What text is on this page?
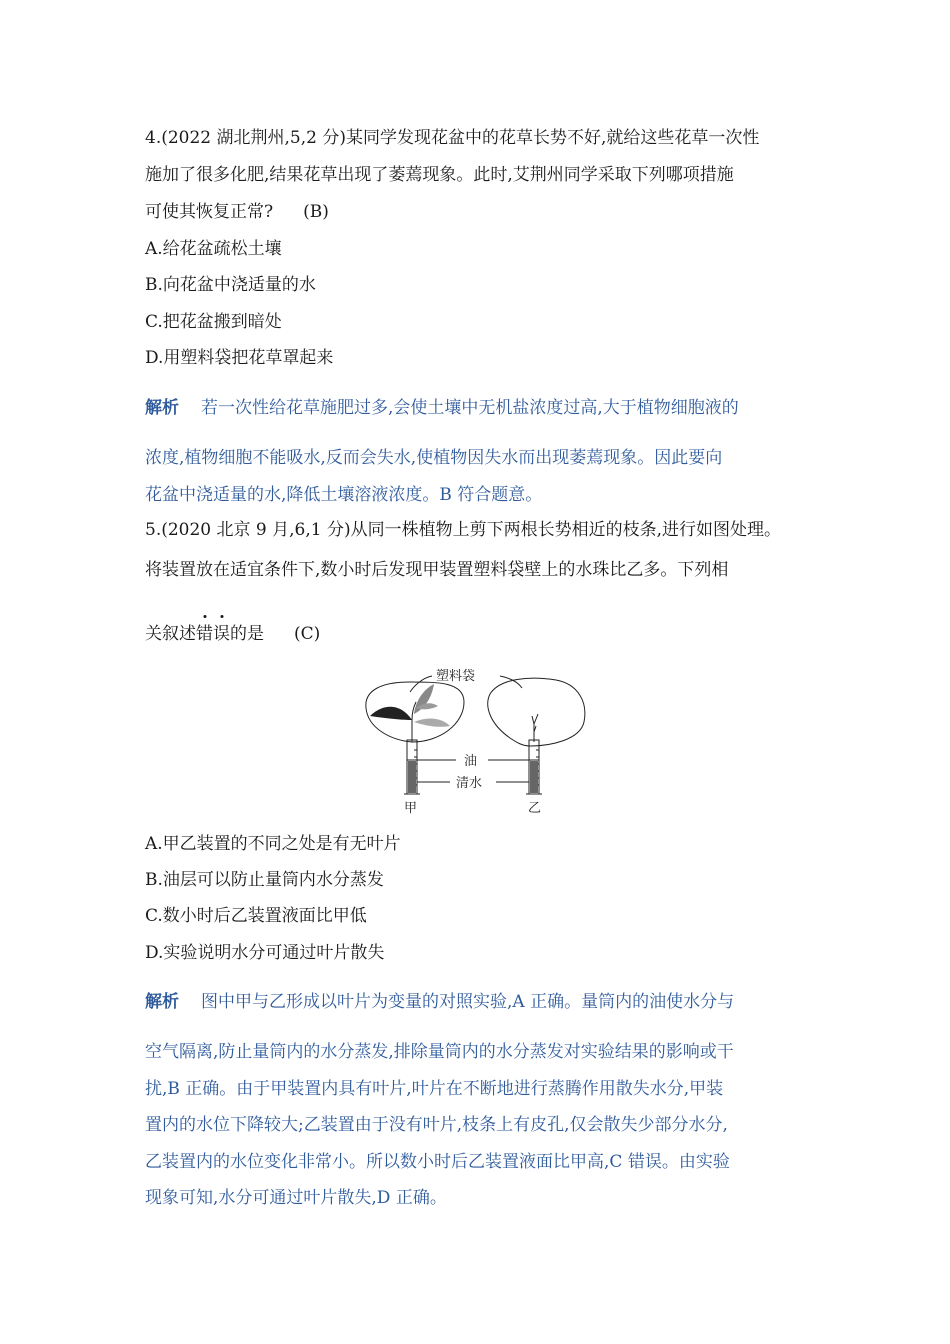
4.(2022 湖北荆州,5,2 分)某同学发现花盆中的花草长势不好,就给这些花草一次性
施加了很多化肥,结果花草出现了萎蔫现象。此时,艾荆州同学采取下列哪项措施
可使其恢复正常? (B)
A.给花盆疏松土壤
B.向花盆中浇适量的水
C.把花盆搬到暗处
D.用塑料袋把花草罩起来
解析 若一次性给花草施肥过多,会使土壤中无机盐浓度过高,大于植物细胞液的
浓度,植物细胞不能吸水,反而会失水,使植物因失水而出现萎蔫现象。因此要向
花盆中浇适量的水,降低土壤溶液浓度。B 符合题意。
5.(2020 北京 9 月,6,1 分)从同一株植物上剪下两根长势相近的枝条,进行如图处理。
将装置放在适宜条件下,数小时后发现甲装置塑料袋壁上的水珠比乙多。下列相
关叙述错误的是 (C)
塑料袋
油
清水
甲	乙
A.甲乙装置的不同之处是有无叶片
B.油层可以防止量筒内水分蒸发
C.数小时后乙装置液面比甲低
D.实验说明水分可通过叶片散失
解析 图中甲与乙形成以叶片为变量的对照实验,A 正确。量筒内的油使水分与
空气隔离,防止量筒内的水分蒸发,排除量筒内的水分蒸发对实验结果的影响或干
扰,B 正确。由于甲装置内具有叶片,叶片在不断地进行蒸腾作用散失水分,甲装
置内的水位下降较大;乙装置由于没有叶片,枝条上有皮孔,仅会散失少部分水分,
乙装置内的水位变化非常小。所以数小时后乙装置液面比甲高,C 错误。由实验
现象可知,水分可通过叶片散失,D 正确。
